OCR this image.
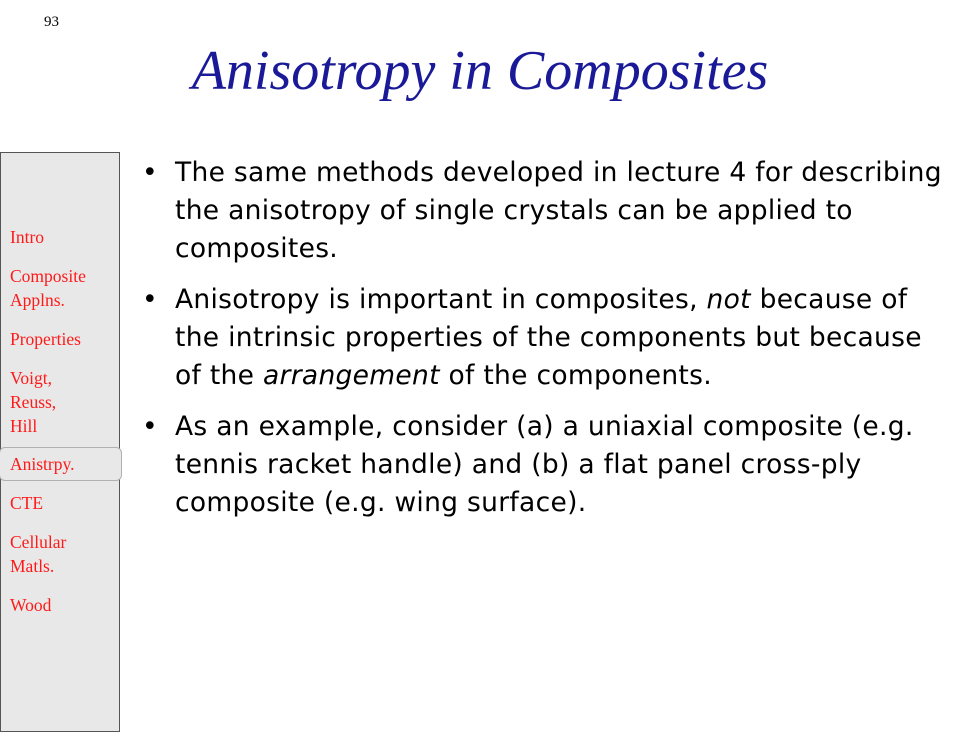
93
Anisotropy in Composites
Intro
Composite
Applns.
Properties
Voigt,
Reuss,
Hill
Anistrpy.
CTE
Cellular
Matls.
Wood
• The same methods developed in lecture 4 for describing the anisotropy of single crystals can be applied to composites.
• Anisotropy is important in composites, not because of the intrinsic properties of the components but because of the arrangement of the components.
• As an example, consider (a) a uniaxial composite (e.g. tennis racket handle) and (b) a flat panel cross-ply composite (e.g. wing surface).
